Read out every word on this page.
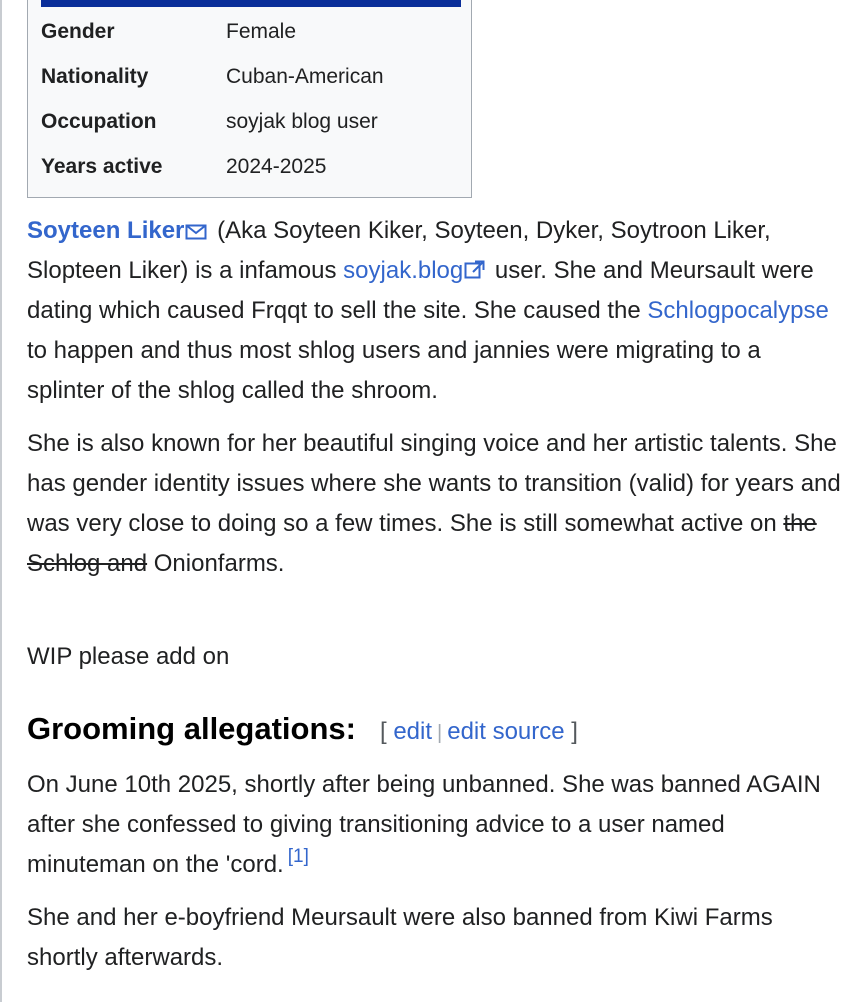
Gender	Female
Nationality	Cuban-American
Occupation	soyjak blog user
Years active	2024-2025

Soyteen Liker (Aka Soyteen Kiker, Soyteen, Dyker, Soytroon Liker, Slopteen Liker) is a infamous soyjak.blog user. She and Meursault were dating which caused Frqqt to sell the site. She caused the Schlogpocalypse to happen and thus most shlog users and jannies were migrating to a splinter of the shlog called the shroom.

She is also known for her beautiful singing voice and her artistic talents. She has gender identity issues where she wants to transition (valid) for years and was very close to doing so a few times. She is still somewhat active on the Schlog and Onionfarms.

WIP please add on

Grooming allegations: [ edit | edit source ]

On June 10th 2025, shortly after being unbanned. She was banned AGAIN after she confessed to giving transitioning advice to a user named minuteman on the 'cord. [1]

She and her e-boyfriend Meursault were also banned from Kiwi Farms shortly afterwards.
